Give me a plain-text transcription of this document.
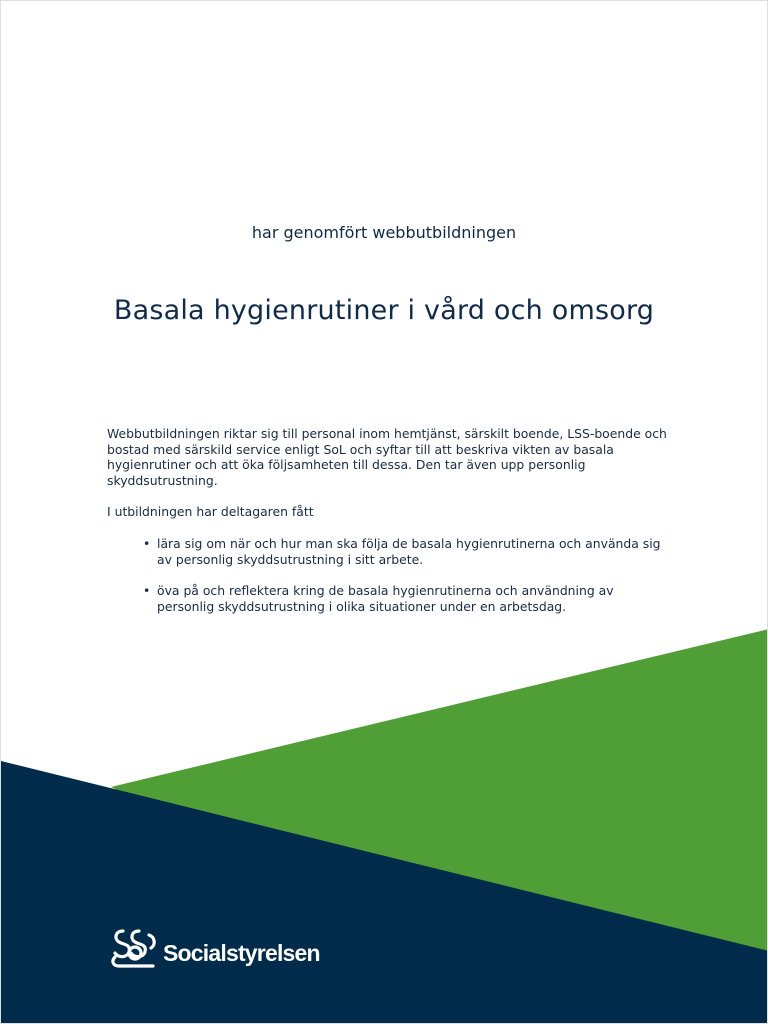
har genomfört webbutbildningen
Basala hygienrutiner i vård och omsorg

Webbutbildningen riktar sig till personal inom hemtjänst, särskilt boende, LSS-boende och bostad med särskild service enligt SoL och syftar till att beskriva vikten av basala hygienrutiner och att öka följsamheten till dessa. Den tar även upp personlig skyddsutrustning.

I utbildningen har deltagaren fått

• lära sig om när och hur man ska följa de basala hygienrutinerna och använda sig av personlig skyddsutrustning i sitt arbete.
• öva på och reflektera kring de basala hygienrutinerna och användning av personlig skyddsutrustning i olika situationer under en arbetsdag.
Socialstyrelsen
